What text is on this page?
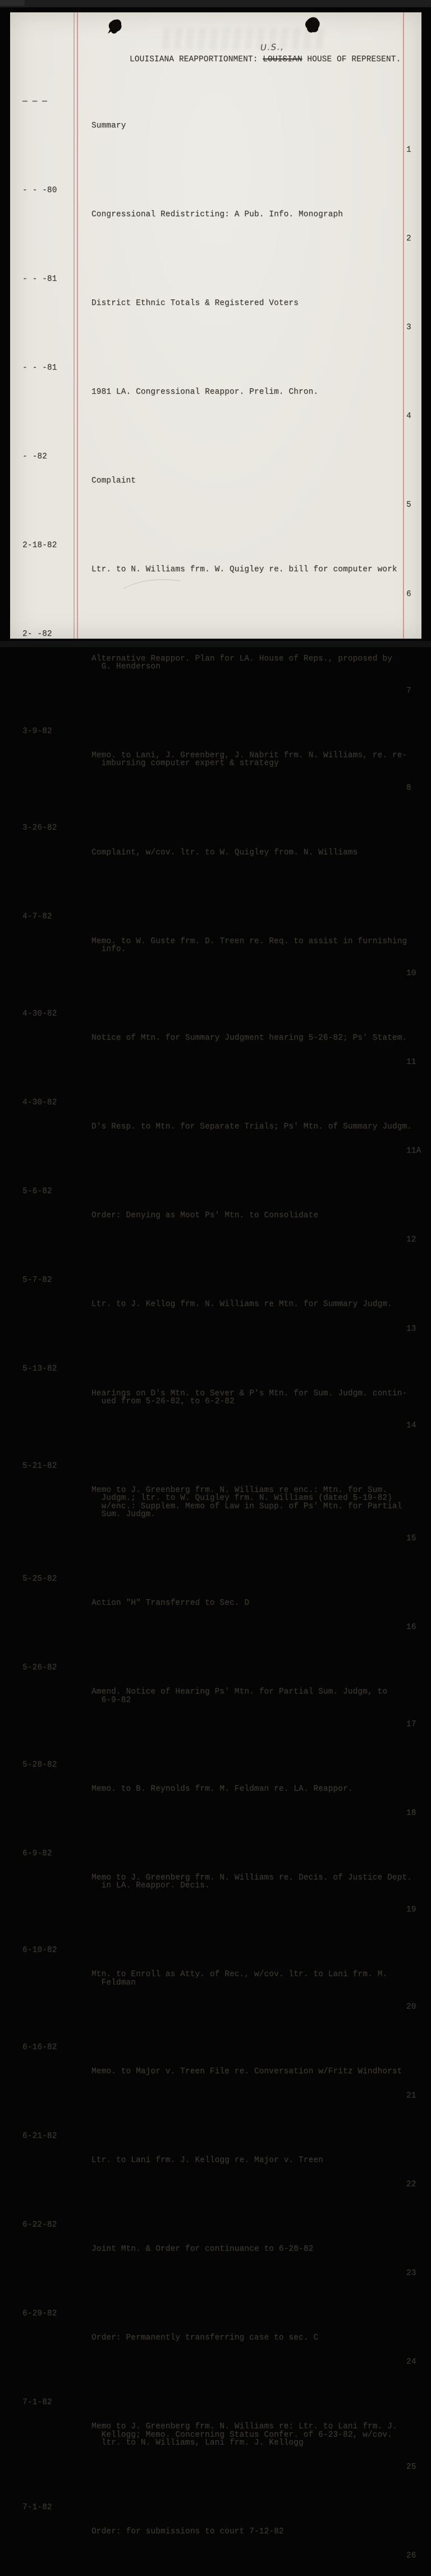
U.S.,
LOUISIANA REAPPORTIONMENT: LOUISIAN HOUSE OF REPRESENT.

— — —

Summary

1

- - -80

Congressional Redistricting: A Pub. Info. Monograph

2

- - -81

District Ethnic Totals & Registered Voters

3

- - -81

1981 LA. Congressional Reappor. Prelim. Chron.

4

- -82

Complaint

5

2-18-82

Ltr. to N. Williams frm. W. Quigley re. bill for computer work

6

2- -82

Alternative Reappor. Plan for LA. House of Reps., proposed by
G. Henderson

7

3-9-82

Memo. to Lani, J. Greenberg, J. Nabrit frm. N. Williams, re. re-
imbursing computer expert & strategy

8

3-26-82

Complaint, w/cov. ltr. to W. Quigley from. N. Williams

4-7-82

Memo. to W. Guste frm. D. Treen re. Req. to assist in furnishing
info.

10

4-30-82

Notice of Mtn. for Summary Judgment hearing 5-26-82; Ps' Statem.

11

4-30-82

D's Resp. to Mtn. for Separate Trials; Ps' Mtn. of Summary Judgm.

11A

5-6-82

Order: Denying as Moot Ps' Mtn. to Consolidate

12

5-7-82

Ltr. to J. Kellog frm. N. Williams re Mtn. for Summary Judgm.

13

5-13-82

Hearings on D's Mtn. to Sever & P's Mtn. for Sum. Judgm. contin-
ued from 5-26-82, to 6-2-82

14

5-21-82

Memo to J. Greenberg frm. N. Williams re enc.: Mtn. for Sum.
Judgm.; ltr. to W. Quigley frm. N. Williams (dated 5-19-82)
w/enc.: Supplem. Memo of Law in Supp. of Ps' Mtn. for Partial
Sum. Judgm.

15

5-25-82

Action "H" Transferred to Sec. D

16

5-26-82

Amend. Notice of Hearing Ps' Mtn. for Partial Sum. Judgm, to
6-9-82

17

5-28-82

Memo. to B. Reynolds frm. M. Feldman re. LA. Reappor.

18

6-9-82

Memo to J. Greenberg frm. N. Williams re. Decis. of Justice Dept.
in LA. Reappor. Decis.

19

6-10-82

Mtn. to Enroll as Atty. of Rec., w/cov. ltr. to Lani frm. M.
Feldman

20

6-16-82

Memo. to Major v. Treen File re. Conversation w/Fritz Windhorst

21

6-21-82

Ltr. to Lani frm. J. Kellogg re. Major v. Treen

22

6-22-82

Joint Mtn. & Order for continuance to 6-28-82

23

6-29-82

Order: Permanently transferring case to sec. C

24

7-1-82

Memo to J. Greenberg frm. N. Williams re: Ltr. to Lani frm. J.
Kellogg; Memo. Concerning Status Confer. of 6-23-82, w/cov.
ltr. to N. Williams, Lani frm. J. Kellogg

25

7-1-82

Order: for submissions to court 7-12-82

26
